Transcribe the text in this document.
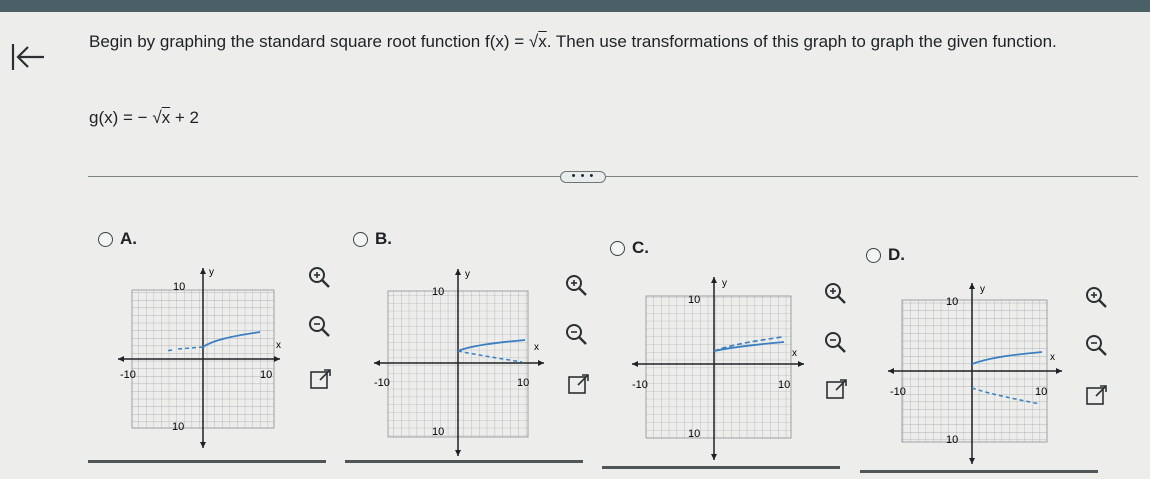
Begin by graphing the standard square root function f(x) = √x. Then use transformations of this graph to graph the given function.
g(x) = − √x + 2
• • •
A.	B.	C.	D.
10
10
-10	10
x
y
10
10
-10	10
x
y
10
10
-10	10
x
y
10
10
-10	10
x
y
